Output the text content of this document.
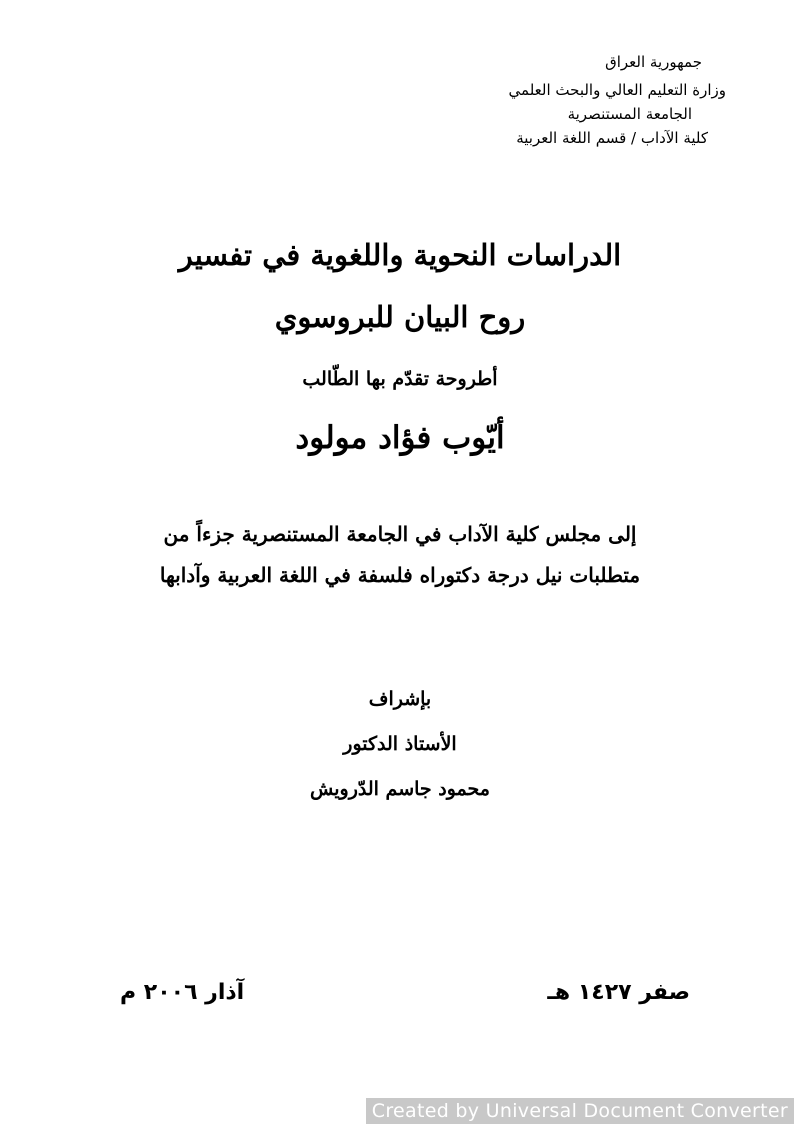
جمهورية العراق
وزارة التعليم العالي والبحث العلمي
الجامعة المستنصرية
كلية الآداب / قسم اللغة العربية
الدراسات النحوية واللغوية في تفسير
روح البيان للبروسوي
أطروحة تقدّم بها الطّالب
أيّوب فؤاد مولود
إلى مجلس كلية الآداب في الجامعة المستنصرية جزءاً من
متطلبات نيل درجة دكتوراه فلسفة في اللغة العربية وآدابها
بإشراف
الأستاذ الدكتور
محمود جاسم الدّرويش
صفر ١٤٢٧ هـ
آذار ٢٠٠٦ م
Created by Universal Document Converter
